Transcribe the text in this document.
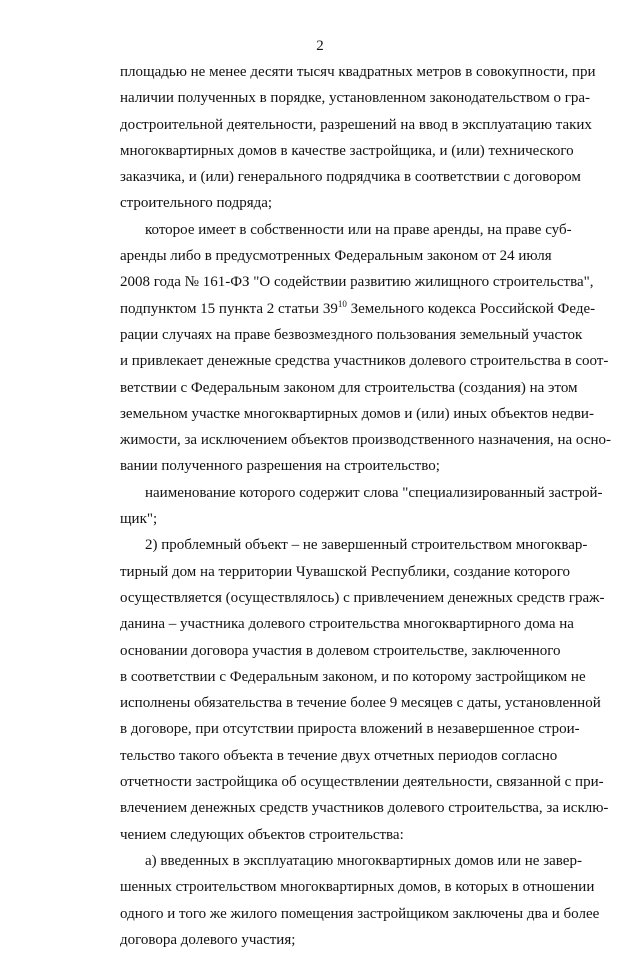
2
площадью не менее десяти тысяч квадратных метров в совокупности, при
наличии полученных в порядке, установленном законодательством о гра-
достроительной деятельности, разрешений на ввод в эксплуатацию таких
многоквартирных домов в качестве застройщика, и (или) технического
заказчика, и (или) генерального подрядчика в соответствии с договором
строительного подряда;
которое имеет в собственности или на праве аренды, на праве суб-
аренды либо в предусмотренных Федеральным законом от 24 июля
2008 года № 161-ФЗ "О содействии развитию жилищного строительства",
подпунктом 15 пункта 2 статьи $39^{10}$ Земельного кодекса Российской Феде-
рации случаях на праве безвозмездного пользования земельный участок
и привлекает денежные средства участников долевого строительства в соот-
ветствии с Федеральным законом для строительства (создания) на этом
земельном участке многоквартирных домов и (или) иных объектов недви-
жимости, за исключением объектов производственного назначения, на осно-
вании полученного разрешения на строительство;
наименование которого содержит слова "специализированный застрой-
щик";
2) проблемный объект – не завершенный строительством многоквар-
тирный дом на территории Чувашской Республики, создание которого
осуществляется (осуществлялось) с привлечением денежных средств граж-
данина – участника долевого строительства многоквартирного дома на
основании договора участия в долевом строительстве, заключенного
в соответствии с Федеральным законом, и по которому застройщиком не
исполнены обязательства в течение более 9 месяцев с даты, установленной
в договоре, при отсутствии прироста вложений в незавершенное строи-
тельство такого объекта в течение двух отчетных периодов согласно
отчетности застройщика об осуществлении деятельности, связанной с при-
влечением денежных средств участников долевого строительства, за исклю-
чением следующих объектов строительства:
а) введенных в эксплуатацию многоквартирных домов или не завер-
шенных строительством многоквартирных домов, в которых в отношении
одного и того же жилого помещения застройщиком заключены два и более
договора долевого участия;
